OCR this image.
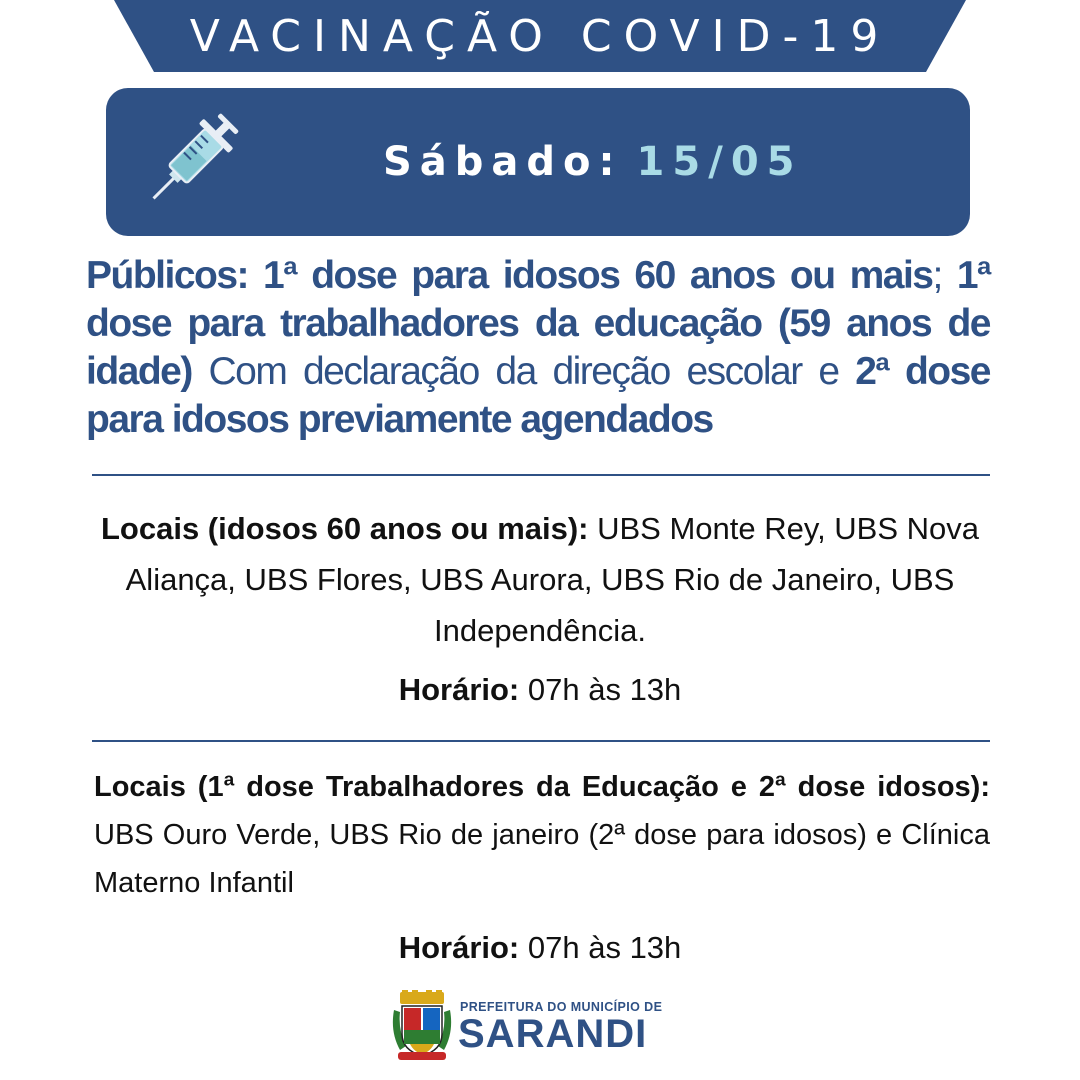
VACINAÇÃO COVID-19
Sábado: 15/05
Públicos: 1ª dose para idosos 60 anos ou mais; 1ª dose para trabalhadores da educação (59 anos de idade) Com declaração da direção escolar e 2ª dose para idosos previamente agendados
Locais (idosos 60 anos ou mais): UBS Monte Rey, UBS Nova Aliança, UBS Flores, UBS Aurora, UBS Rio de Janeiro, UBS Independência.
Horário: 07h às 13h
Locais (1ª dose Trabalhadores da Educação e 2ª dose idosos): UBS Ouro Verde, UBS Rio de janeiro (2ª dose para idosos) e Clínica Materno Infantil
Horário: 07h às 13h
PREFEITURA DO MUNICÍPIO DE
SARANDI
